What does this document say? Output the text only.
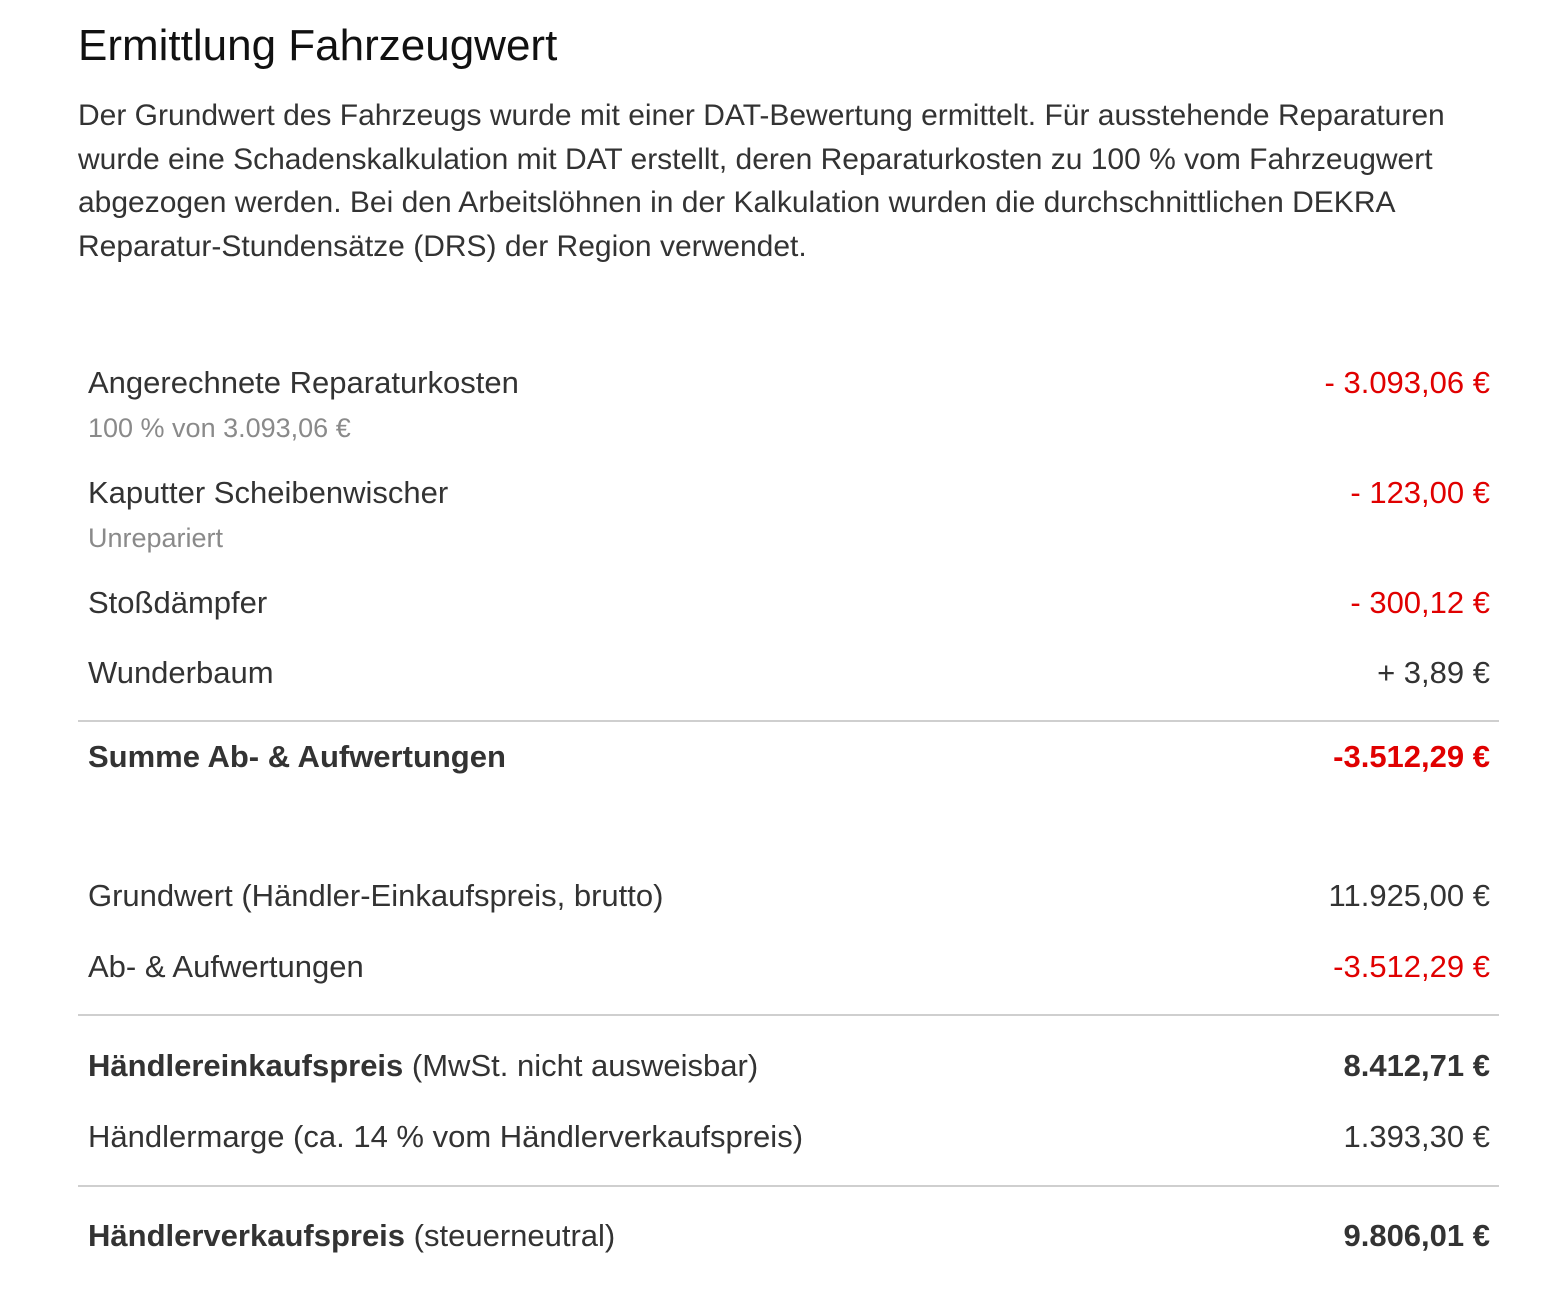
Ermittlung Fahrzeugwert

Der Grundwert des Fahrzeugs wurde mit einer DAT-Bewertung ermittelt. Für ausstehende Reparaturen wurde eine Schadenskalkulation mit DAT erstellt, deren Reparaturkosten zu 100 % vom Fahrzeugwert abgezogen werden. Bei den Arbeitslöhnen in der Kalkulation wurden die durchschnittlichen DEKRA Reparatur-Stundensätze (DRS) der Region verwendet.

Angerechnete Reparaturkosten	- 3.093,06 €
100 % von 3.093,06 €
Kaputter Scheibenwischer	- 123,00 €
Unrepariert
Stoßdämpfer	- 300,12 €
Wunderbaum	+ 3,89 €
Summe Ab- & Aufwertungen	-3.512,29 €
Grundwert (Händler-Einkaufspreis, brutto)	11.925,00 €
Ab- & Aufwertungen	-3.512,29 €
Händlereinkaufspreis (MwSt. nicht ausweisbar)	8.412,71 €
Händlermarge (ca. 14 % vom Händlerverkaufspreis)	1.393,30 €
Händlerverkaufspreis (steuerneutral)	9.806,01 €
